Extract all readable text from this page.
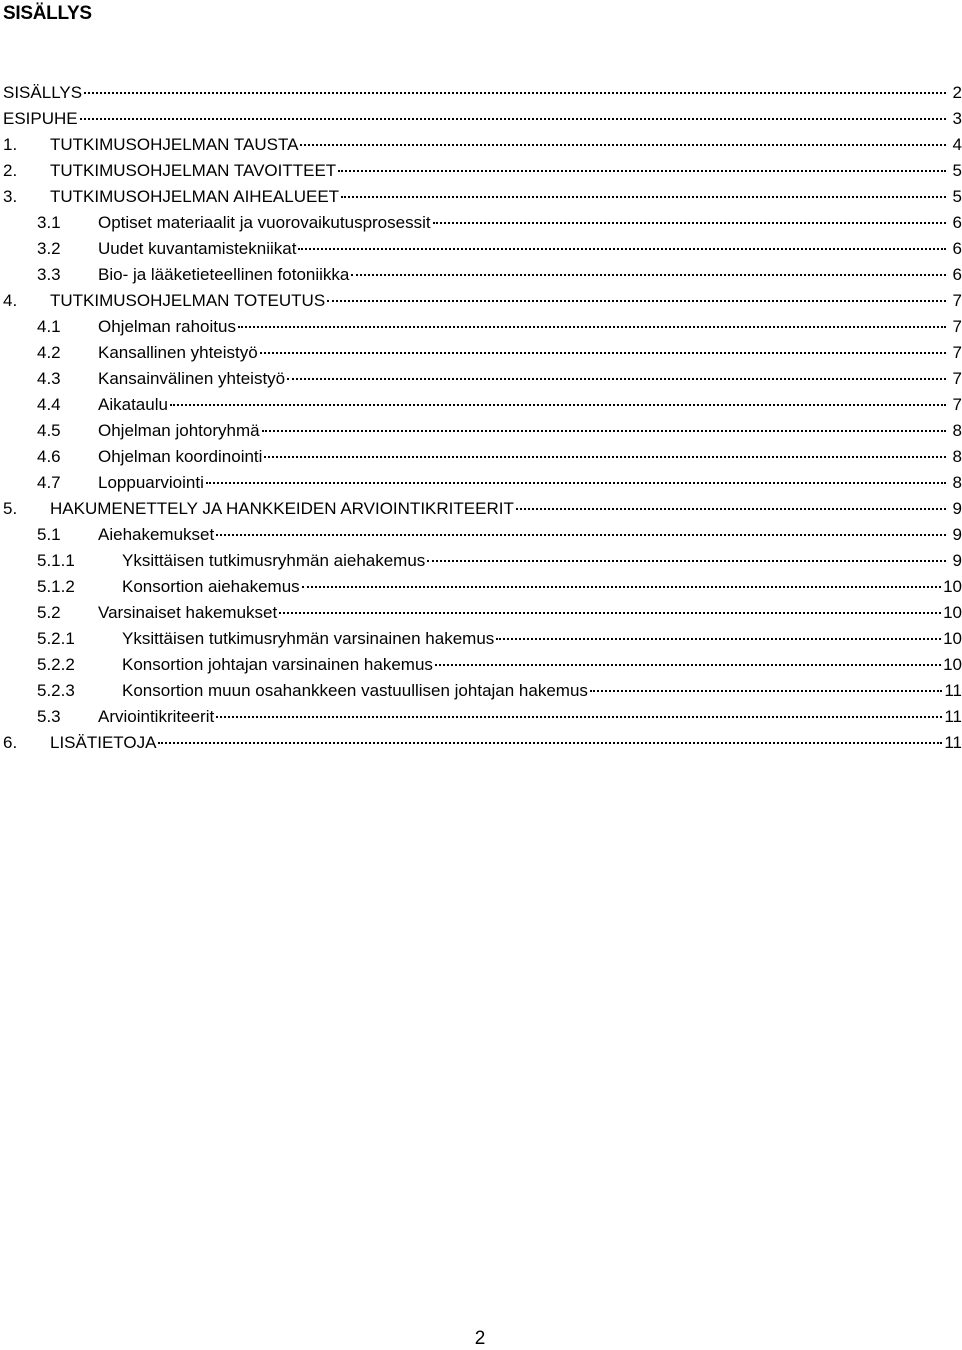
SISÄLLYS
SISÄLLYS	2
ESIPUHE	3
1.	TUTKIMUSOHJELMAN TAUSTA	4
2.	TUTKIMUSOHJELMAN TAVOITTEET	5
3.	TUTKIMUSOHJELMAN AIHEALUEET	5
3.1	Optiset materiaalit ja vuorovaikutusprosessit	6
3.2	Uudet kuvantamistekniikat	6
3.3	Bio- ja lääketieteellinen fotoniikka	6
4.	TUTKIMUSOHJELMAN TOTEUTUS	7
4.1	Ohjelman rahoitus	7
4.2	Kansallinen yhteistyö	7
4.3	Kansainvälinen yhteistyö	7
4.4	Aikataulu	7
4.5	Ohjelman johtoryhmä	8
4.6	Ohjelman koordinointi	8
4.7	Loppuarviointi	8
5.	HAKUMENETTELY JA HANKKEIDEN ARVIOINTIKRITEERIT	9
5.1	Aiehakemukset	9
5.1.1	Yksittäisen tutkimusryhmän aiehakemus	9
5.1.2	Konsortion aiehakemus	10
5.2	Varsinaiset hakemukset	10
5.2.1	Yksittäisen tutkimusryhmän varsinainen hakemus	10
5.2.2	Konsortion johtajan varsinainen hakemus	10
5.2.3	Konsortion muun osahankkeen vastuullisen johtajan hakemus	11
5.3	Arviointikriteerit	11
6.	LISÄTIETOJA	11
2
